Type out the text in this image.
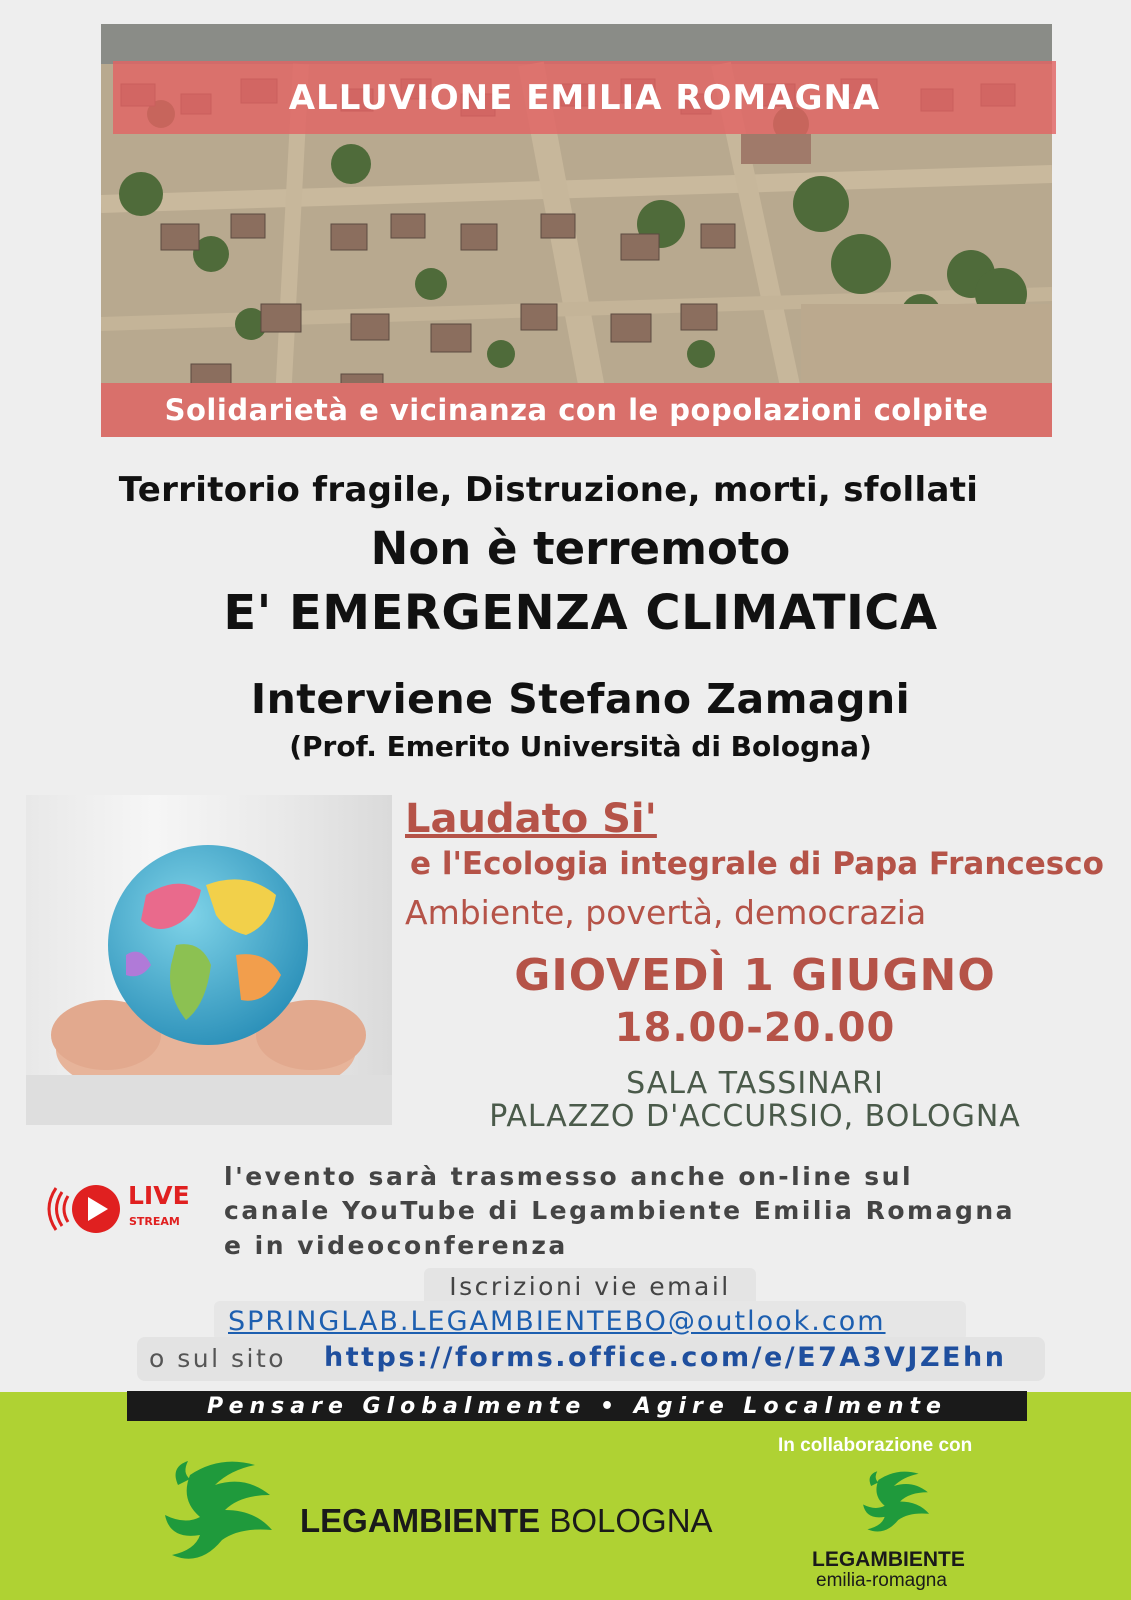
ALLUVIONE EMILIA ROMAGNA
Solidarietà e vicinanza con le popolazioni colpite
Territorio fragile, Distruzione, morti, sfollati
Non è terremoto
E' EMERGENZA CLIMATICA
Interviene Stefano Zamagni
(Prof. Emerito Università di Bologna)
Laudato Si'
e l'Ecologia integrale di Papa Francesco
Ambiente, povertà, democrazia
GIOVEDÌ 1 GIUGNO
18.00-20.00
SALA TASSINARI
PALAZZO D'ACCURSIO, BOLOGNA
LIVE
STREAM
l'evento sarà trasmesso anche on-line sul
canale YouTube di Legambiente Emilia Romagna
e in videoconferenza
Iscrizioni vie email
SPRINGLAB.LEGAMBIENTEBO@outlook.com
o sul sito https://forms.office.com/e/E7A3VJZEhn
Pensare Globalmente • Agire Localmente
In collaborazione con
LEGAMBIENTE BOLOGNA
LEGAMBIENTE
emilia-romagna
